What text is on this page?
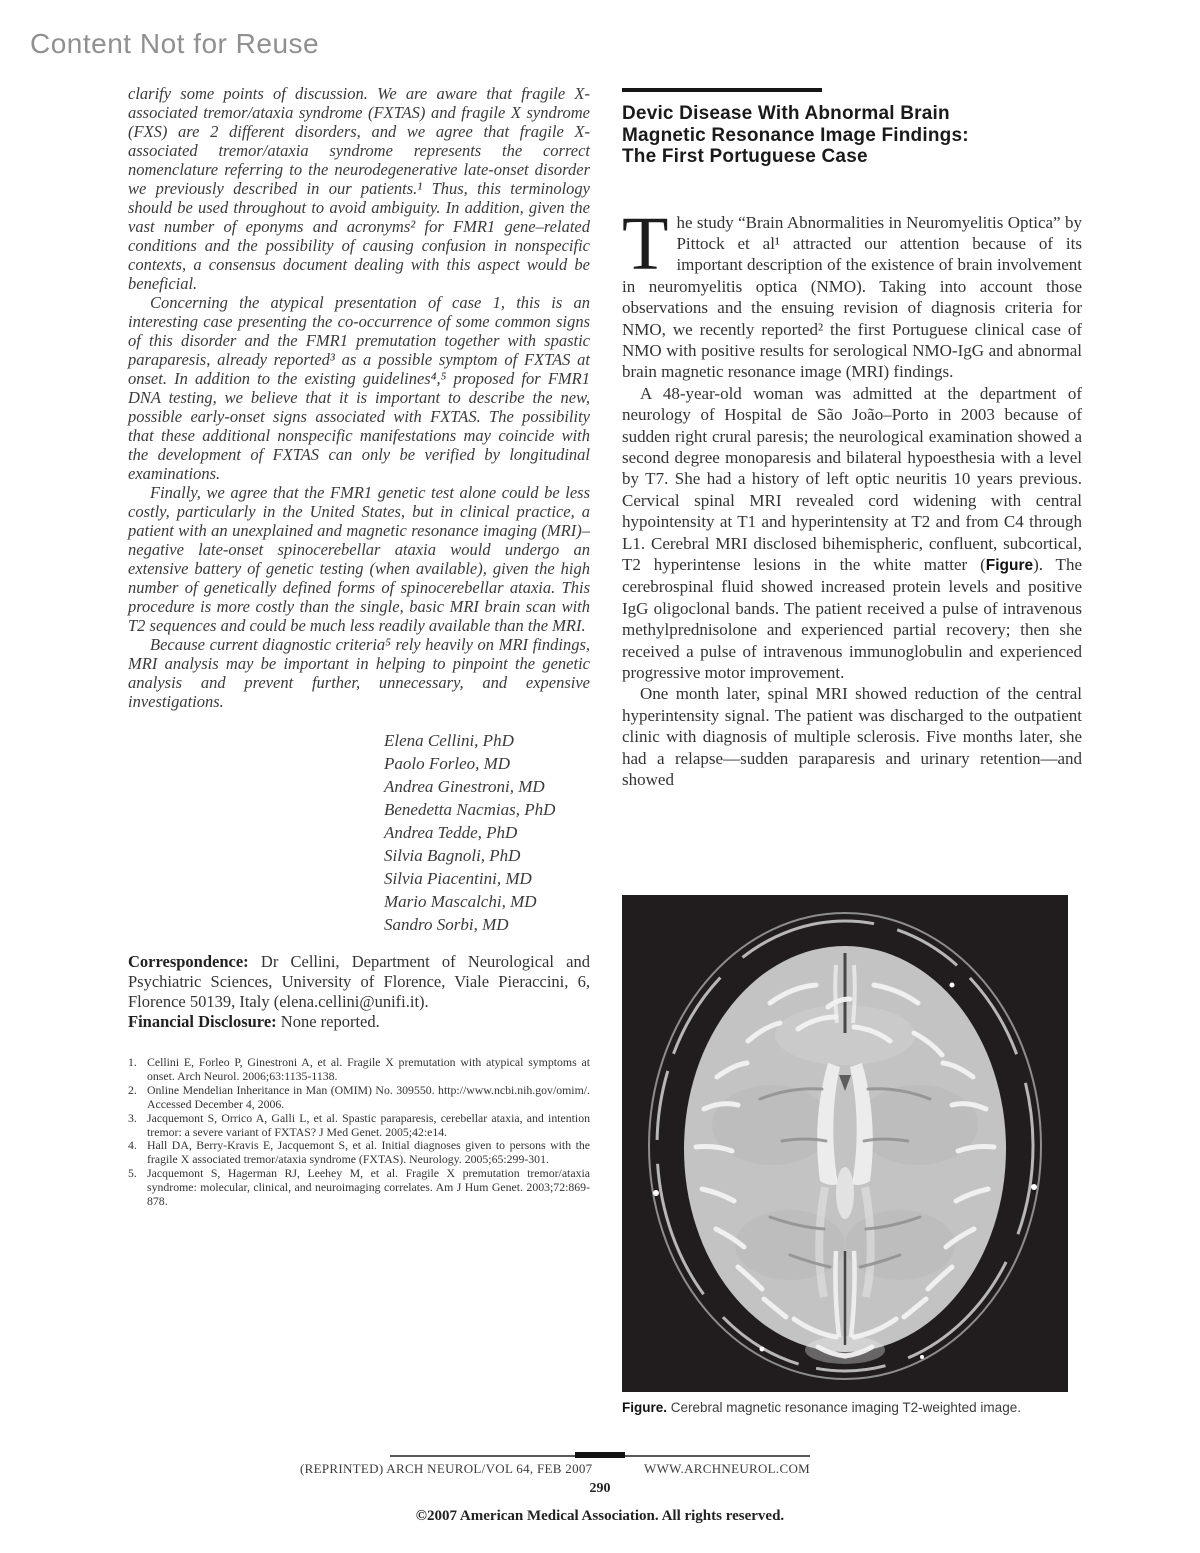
Content Not for Reuse

clarify some points of discussion. We are aware that fragile X-associated tremor/ataxia syndrome (FXTAS) and fragile X syndrome (FXS) are 2 different disorders, and we agree that fragile X-associated tremor/ataxia syndrome represents the correct nomenclature referring to the neurodegenerative late-onset disorder we previously described in our patients.¹ Thus, this terminology should be used throughout to avoid ambiguity. In addition, given the vast number of eponyms and acronyms² for FMR1 gene–related conditions and the possibility of causing confusion in nonspecific contexts, a consensus document dealing with this aspect would be beneficial.

Concerning the atypical presentation of case 1, this is an interesting case presenting the co-occurrence of some common signs of this disorder and the FMR1 premutation together with spastic paraparesis, already reported³ as a possible symptom of FXTAS at onset. In addition to the existing guidelines⁴,⁵ proposed for FMR1 DNA testing, we believe that it is important to describe the new, possible early-onset signs associated with FXTAS. The possibility that these additional nonspecific manifestations may coincide with the development of FXTAS can only be verified by longitudinal examinations.

Finally, we agree that the FMR1 genetic test alone could be less costly, particularly in the United States, but in clinical practice, a patient with an unexplained and magnetic resonance imaging (MRI)–negative late-onset spinocerebellar ataxia would undergo an extensive battery of genetic testing (when available), given the high number of genetically defined forms of spinocerebellar ataxia. This procedure is more costly than the single, basic MRI brain scan with T2 sequences and could be much less readily available than the MRI.

Because current diagnostic criteria⁵ rely heavily on MRI findings, MRI analysis may be important in helping to pinpoint the genetic analysis and prevent further, unnecessary, and expensive investigations.

Elena Cellini, PhD
Paolo Forleo, MD
Andrea Ginestroni, MD
Benedetta Nacmias, PhD
Andrea Tedde, PhD
Silvia Bagnoli, PhD
Silvia Piacentini, MD
Mario Mascalchi, MD
Sandro Sorbi, MD
Correspondence: Dr Cellini, Department of Neurological and Psychiatric Sciences, University of Florence, Viale Pieraccini, 6, Florence 50139, Italy (elena.cellini@unifi.it).
Financial Disclosure: None reported.
1. Cellini E, Forleo P, Ginestroni A, et al. Fragile X premutation with atypical symptoms at onset. Arch Neurol. 2006;63:1135-1138.
2. Online Mendelian Inheritance in Man (OMIM) No. 309550. http://www.ncbi.nih.gov/omim/. Accessed December 4, 2006.
3. Jacquemont S, Orrico A, Galli L, et al. Spastic paraparesis, cerebellar ataxia, and intention tremor: a severe variant of FXTAS? J Med Genet. 2005;42:e14.
4. Hall DA, Berry-Kravis E, Jacquemont S, et al. Initial diagnoses given to persons with the fragile X associated tremor/ataxia syndrome (FXTAS). Neurology. 2005;65:299-301.
5. Jacquemont S, Hagerman RJ, Leehey M, et al. Fragile X premutation tremor/ataxia syndrome: molecular, clinical, and neuroimaging correlates. Am J Hum Genet. 2003;72:869-878.
Devic Disease With Abnormal Brain Magnetic Resonance Image Findings: The First Portuguese Case

The study “Brain Abnormalities in Neuromyelitis Optica” by Pittock et al¹ attracted our attention because of its important description of the existence of brain involvement in neuromyelitis optica (NMO). Taking into account those observations and the ensuing revision of diagnosis criteria for NMO, we recently reported² the first Portuguese clinical case of NMO with positive results for serological NMO-IgG and abnormal brain magnetic resonance image (MRI) findings.

A 48-year-old woman was admitted at the department of neurology of Hospital de São João–Porto in 2003 because of sudden right crural paresis; the neurological examination showed a second degree monoparesis and bilateral hypoesthesia with a level by T7. She had a history of left optic neuritis 10 years previous. Cervical spinal MRI revealed cord widening with central hypointensity at T1 and hyperintensity at T2 and from C4 through L1. Cerebral MRI disclosed bihemispheric, confluent, subcortical, T2 hyperintense lesions in the white matter (Figure). The cerebrospinal fluid showed increased protein levels and positive IgG oligoclonal bands. The patient received a pulse of intravenous methylprednisolone and experienced partial recovery; then she received a pulse of intravenous immunoglobulin and experienced progressive motor improvement.

One month later, spinal MRI showed reduction of the central hyperintensity signal. The patient was discharged to the outpatient clinic with diagnosis of multiple sclerosis. Five months later, she had a relapse—sudden paraparesis and urinary retention—and showed

Figure. Cerebral magnetic resonance imaging T2-weighted image.
(REPRINTED) ARCH NEUROL/VOL 64, FEB 2007	WWW.ARCHNEUROL.COM
290
©2007 American Medical Association. All rights reserved.
